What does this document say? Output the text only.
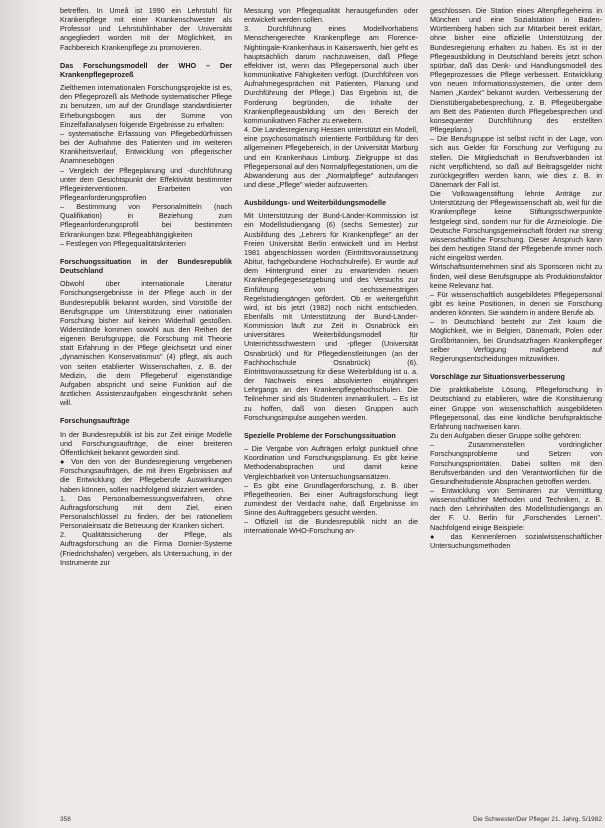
betreffen. In Umeå ist 1990 ein Lehrstuhl für Krankenpflege mit einer Krankenschwester als Professor und Lehrstuhlinhaber der Universität angegliedert worden mit der Möglichkeit, im Fachbereich Krankenpflege zu promovieren.

Das Forschungsmodell der WHO – Der Krankenpflegeprozeß

Zielthemen internationalen Forschungsprojekte ist es, den Pflegeprozeß als Methode systematischer Pflege zu benutzen, um auf der Grundlage standardisierter Erhebungsbogen aus der Summe von Einzelfallanalysen folgende Ergebnisse zu erhalten:

– systematische Erfassung von Pflegebedürfnissen bei der Aufnahme des Patienten und im weiteren Krankheitsverlauf, Entwicklung von pflegerischer Anamnesebögen

– Vergleich der Pflegeplanung und -durchführung unter dem Gesichtspunkt der Effektivität bestimmter Pflegeinterventionen. Erarbeiten von Pflegeanforderungsprofilen

– Bestimmung von Personalmitteln (nach Qualifikation) in Beziehung zum Pflegeanforderungsprofil bei bestimmten Erkrankungen bzw. Pflegeabhängigkeiten

– Festlegen von Pflegequalitätskriterien

Forschungssituation in der Bundesrepublik Deutschland

Obwohl über internationale Literatur Forschungsergebnisse in der Pflege auch in der Bundesrepublik bekannt wurden, sind Vorstöße der Berufsgruppe um Unterstützung einer nationalen Forschung bisher auf keinen Widerhall gestoßen. Widerstände kommen sowohl aus den Reihen der eigenen Berufsgruppe, die Forschung mit Theorie statt Erfahrung in der Pflege gleichsetzt und einer „dynamischen Konservatismus" (4) pflegt, als auch von seiten etablierter Wissenschaften, z. B. der Medizin, die dem Pflegeberuf eigenständige Aufgaben abspricht und seine Funktion auf die ärztlichen Assistenzaufgaben eingeschränkt sehen will.

Forschungsaufträge

In der Bundesrepublik ist bis zur Zeit einige Modelle und Forschungsaufträge, die einer breiteren Öffentlichkeit bekannt geworden sind.

● Von den von der Bundesregierung vergebenen Forschungsaufträgen, die mit ihren Ergebnissen auf die Entwicklung der Pflegeberufe Auswirkungen haben können, sollen nachfolgend skizziert werden.

1. Das Personalbemessungsverfahren, ohne Auftragsforschung mit dem Ziel, einen Personalschlüssel zu finden, der bei rationellem Personaleinsatz die Betreuung der Kranken sichert.

2. Qualitätssicherung der Pflege, als Auftragsforschung an die Firma Dornier-Systeme (Friedrichshafen) vergeben, als Untersuchung, in der Instrumente zur

Messung von Pflegequalität herausgefunden oder entwickelt werden sollen.

3. Durchführung eines Modellvorhabens Menschengerechte Krankenpflege am Florence-Nightingale-Krankenhaus in Kaiserswerth, hier geht es hauptsächlich darum nachzuweisen, daß Pflege effektiver ist, wenn das Pflegepersonal auch über kommunikative Fähigkeiten verfügt. (Durchführen von Aufnahmegesprächen mit Patienten, Planung und Durchführung der Pflege.) Das Ergebnis ist, die Forderung begründen, die Inhalte der Krankenpflegeausbildung um den Bereich der kommunikativen Fächer zu erweitern.

4. Die Landesregierung Hessen unterstützt ein Modell, eine psychosomatisch orientierte Fortbildung für den allgemeinen Pflegebereich, in der Universität Marburg und ein Krankenhaus Limburg. Zielgruppe ist das Pflegepersonal auf den Normalpflegestationen, um die Abwanderung aus der „Normalpflege" aufzufangen und diese „Pflege" wieder aufzuwerten.

Ausbildungs- und Weiterbildungsmodelle

Mit Unterstützung der Bund-Länder-Kommission ist ein Modellstudiengang (6) (sechs Semester) zur Ausbildung des „Lehrers für Krankenpflege" an der Freien Universität Berlin entwickelt und im Herbst 1981 abgeschlossen worden (Eintrittsvoraussetzung Abitur, fachgebundene Hochschulreife). Er wurde auf dem Hintergrund einer zu erwartenden neuen Krankenpflegegesetzgebung und des Versuchs zur Einführung von sechssemestrigen Regelstudiengängen gefördert. Ob er weitergeführt wird, ist bis jetzt (1982) noch nicht entschieden. Ebenfalls mit Unterstützung der Bund-Länder-Kommission läuft zur Zeit in Osnabrück ein universitäres Weiterbildungsmodell für Unterrichtsschwestern und -pfleger (Universität Osnabrück) und für Pflegedienstleitungen (an der Fachhochschule Osnabrück) (6). Eintrittsvoraussetzung für diese Weiterbildung ist u. a. der Nachweis eines absolvierten einjährigen Lehrgangs an den Krankenpflegehochschulen. Die Teilnehmer sind als Studenten immatrikuliert. – Es ist zu hoffen, daß von diesen Gruppen auch Forschungsimpulse ausgehen werden.

Spezielle Probleme der Forschungssituation

– Die Vergabe von Aufträgen erfolgt punktuell ohne Koordination und Forschungsplanung. Es gibt keine Methodenabsprachen und damit keine Vergleichbarkeit von Untersuchungsansätzen.

– Es gibt eine Grundlagenforschung, z. B. über Pflegetheorien. Bei einer Auftragsforschung liegt zumindest der Verdacht nahe, daß Ergebnisse im Sinne des Auftraggebers gesucht werden.

– Offiziell ist die Bundesrepublik nicht an die internationale WHO-Forschung an-

geschlossen. Die Station eines Altenpflegeheims in München und eine Sozialstation in Baden-Württemberg haben sich zur Mitarbeit bereit erklärt, ohne bisher eine offizielle Unterstützung der Bundesregierung erhalten zu haben. Es ist in der Pflegeausbildung in Deutschland bereits jetzt schon spürbar, daß das Denk- und Handlungsmodell des Pflegeprozesses die Pflege verbessert. Entwicklung von neuen Informationssystemen, die unter dem Namen „Kardex" bekannt wurden. Verbesserung der Dienstübergabebesprechung, z. B. Pflegeübergabe am Bett des Patienten durch Pflegebesprechen und konsequenter Durchführung des erstellten Pflegeplans.)

– Die Berufsgruppe ist selbst nicht in der Lage, von sich aus Gelder für Forschung zur Verfügung zu stellen. Die Mitgliedschaft in Berufsverbänden ist nicht verpflichtend, so daß auf Beitragsgelder nicht zurückgegriffen werden kann, wie dies z. B. in Dänemark der Fall ist.

Die Volkswagenstiftung lehnte Anträge zur Unterstützung der Pflegewissenschaft ab, weil für die Krankenpflege keine Stiftungsschwerpunkte festgelegt sind, sondern nur für die Arzneiologie. Die Deutsche Forschungsgemeinschaft fördert nur streng wissenschaftliche Forschung. Dieser Anspruch kann bei dem heutigen Stand der Pflegeberufe immer noch nicht eingelöst werden.

Wirtschaftsunternehmen sind als Sponsoren nicht zu finden, weil diese Berufsgruppe als Produktionsfaktor keine Relevanz hat.

– Für wissenschaftlich ausgebildetes Pflegepersonal gibt es keine Positionen, in denen sie Forschung anderen könnten. Sie wandern in andere Berufe ab.

– In Deutschland besteht zur Zeit kaum die Möglichkeit, wie in Belgien, Dänemark, Polen oder Großbritannien, bei Grundsatzfragen Krankenpfleger selber Verfügung maßgebend auf Regierungsentscheidungen mitzuwirken.

Vorschläge zur Situationsverbesserung

Die praktikabelste Lösung, Pflegeforschung in Deutschland zu etablieren, wäre die Konstituierung einer Gruppe von wissenschaftlich ausgebildeten Pflegepersonal, das eine kindliche berufspraktische Erfahrung nachweisen kann.

Zu den Aufgaben dieser Gruppe sollte gehören:

– Zusammenstellen vordringlicher Forschungsprobleme und Setzen von Forschungsprioritäten. Dabei sollten mit den Berufsverbänden und den Verantwortlichen für die Gesundheitsdienste Absprachen getroffen werden.

– Entwicklung von Seminaren zur Vermittlung wissenschaftlicher Methoden und Techniken, z. B. nach den Lehrinhalten des Modellstudiengangs an der F. U. Berlin für „Forschendes Lernen". Nachfolgend einige Beispiele:

● das Kennenlernen sozialwissenschaftlicher Untersuchungsmethoden

358	Die Schwester/Der Pfleger 21. Jahrg. 5/1982
